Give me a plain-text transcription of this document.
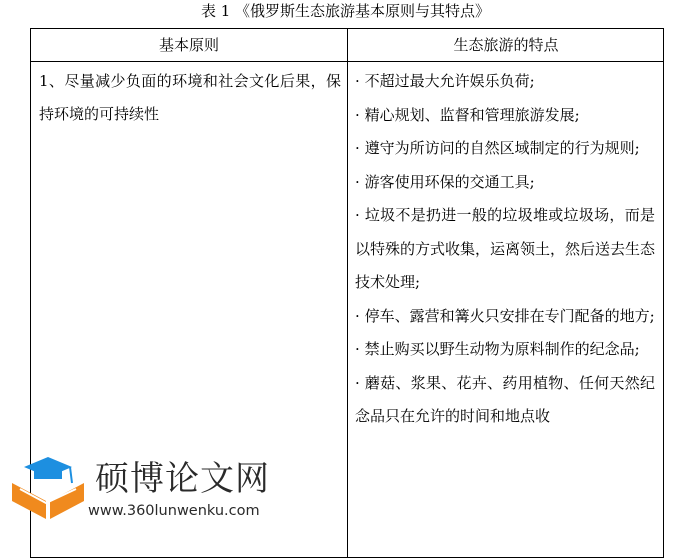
表 1 《俄罗斯生态旅游基本原则与其特点》
基本原则	生态旅游的特点
1、尽量减少负面的环境和社会文化后果，保持环境的可持续性

· 不超过最大允许娱乐负荷;

· 精心规划、监督和管理旅游发展;

· 遵守为所访问的自然区域制定的行为规则;

· 游客使用环保的交通工具;

· 垃圾不是扔进一般的垃圾堆或垃圾场，而是以特殊的方式收集，运离领土，然后送去生态技术处理;

· 停车、露营和篝火只安排在专门配备的地方;

· 禁止购买以野生动物为原料制作的纪念品;

· 蘑菇、浆果、花卉、药用植物、任何天然纪念品只在允许的时间和地点收

硕博论文网
www.360lunwenku.com
